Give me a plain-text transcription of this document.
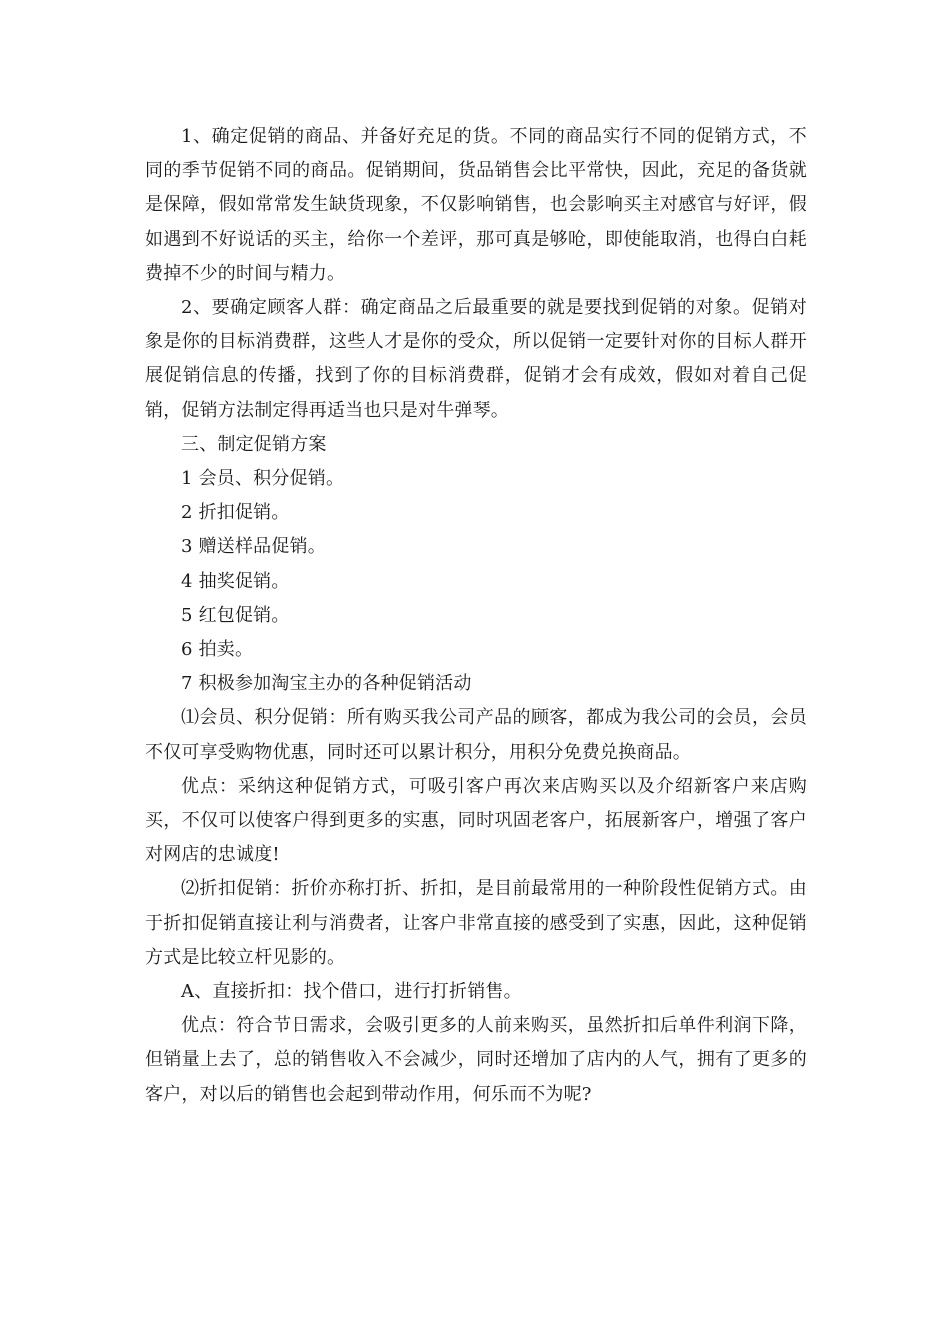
1、确定促销的商品、并备好充足的货。不同的商品实行不同的促销方式，不同的季节促销不同的商品。促销期间，货品销售会比平常快，因此，充足的备货就是保障，假如常常发生缺货现象，不仅影响销售，也会影响买主对感官与好评，假如遇到不好说话的买主，给你一个差评，那可真是够呛，即使能取消，也得白白耗费掉不少的时间与精力。

2、要确定顾客人群：确定商品之后最重要的就是要找到促销的对象。促销对象是你的目标消费群，这些人才是你的受众，所以促销一定要针对你的目标人群开展促销信息的传播，找到了你的目标消费群，促销才会有成效，假如对着自己促销，促销方法制定得再适当也只是对牛弹琴。

三、制定促销方案

1 会员、积分促销。

2 折扣促销。

3 赠送样品促销。

4 抽奖促销。

5 红包促销。

6 拍卖。

7 积极参加淘宝主办的各种促销活动

⑴会员、积分促销：所有购买我公司产品的顾客，都成为我公司的会员，会员不仅可享受购物优惠，同时还可以累计积分，用积分免费兑换商品。

优点：采纳这种促销方式，可吸引客户再次来店购买以及介绍新客户来店购买，不仅可以使客户得到更多的实惠，同时巩固老客户，拓展新客户，增强了客户对网店的忠诚度!

⑵折扣促销：折价亦称打折、折扣，是目前最常用的一种阶段性促销方式。由于折扣促销直接让利与消费者，让客户非常直接的感受到了实惠，因此，这种促销方式是比较立杆见影的。

A、直接折扣：找个借口，进行打折销售。

优点：符合节日需求，会吸引更多的人前来购买，虽然折扣后单件利润下降，但销量上去了，总的销售收入不会减少，同时还增加了店内的人气，拥有了更多的客户，对以后的销售也会起到带动作用，何乐而不为呢?
